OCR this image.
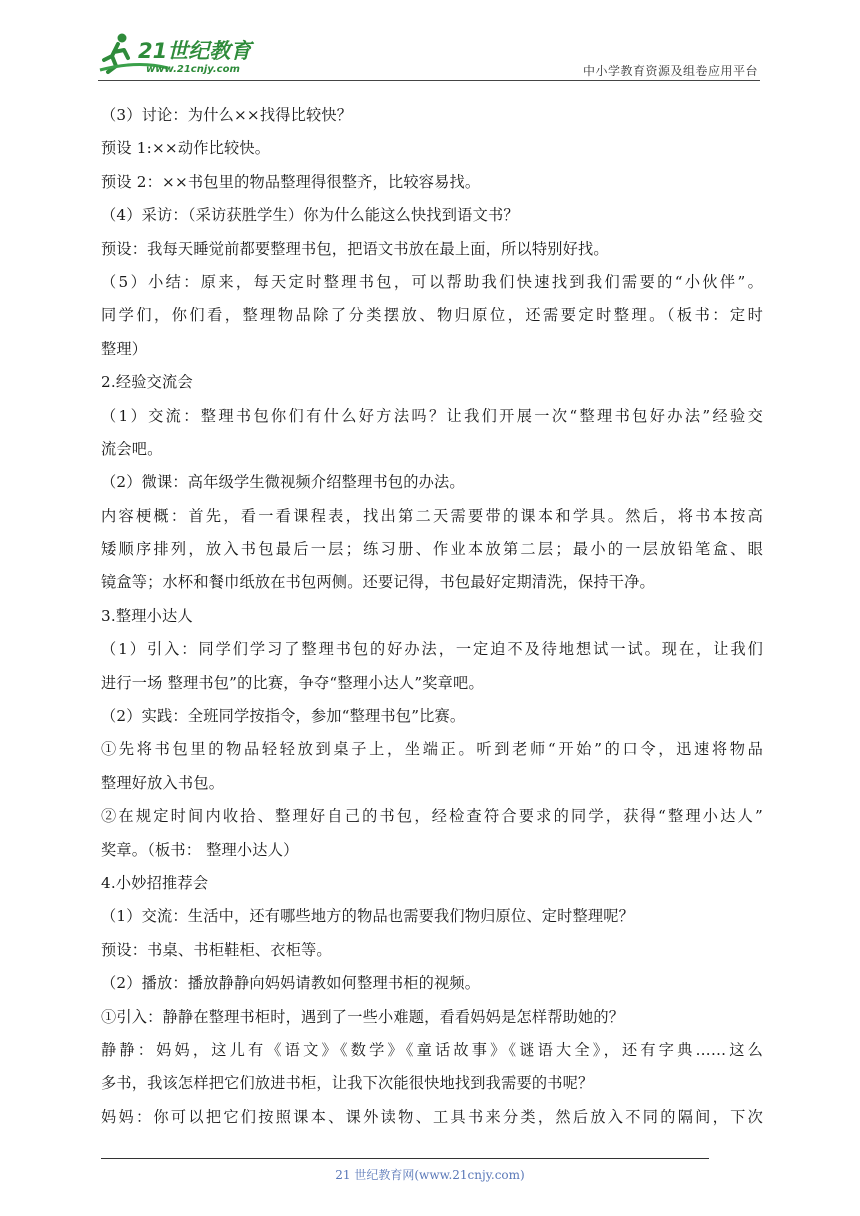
21世纪教育
www.21cnjy.com	中小学教育资源及组卷应用平台
（3）讨论：为什么××找得比较快？
预设 1:××动作比较快。
预设 2：××书包里的物品整理得很整齐，比较容易找。
（4）采访：（采访获胜学生）你为什么能这么快找到语文书？
预设：我每天睡觉前都要整理书包，把语文书放在最上面，所以特别好找。
（5）小结：原来，每天定时整理书包，可以帮助我们快速找到我们需要的“小伙伴”。
同学们，你们看，整理物品除了分类摆放、物归原位，还需要定时整理。（板书：定时
整理）
2.经验交流会
（1）交流：整理书包你们有什么好方法吗？让我们开展一次“整理书包好办法”经验交
流会吧。
（2）微课：高年级学生微视频介绍整理书包的办法。
内容梗概：首先，看一看课程表，找出第二天需要带的课本和学具。然后，将书本按高
矮顺序排列，放入书包最后一层；练习册、作业本放第二层；最小的一层放铅笔盒、眼
镜盒等；水杯和餐巾纸放在书包两侧。还要记得，书包最好定期清洗，保持干净。
3.整理小达人
（1）引入：同学们学习了整理书包的好办法，一定迫不及待地想试一试。现在，让我们
进行一场 整理书包”的比赛，争夺“整理小达人”奖章吧。
（2）实践：全班同学按指令，参加“整理书包”比赛。
①先将书包里的物品轻轻放到桌子上，坐端正。听到老师“开始”的口令，迅速将物品
整理好放入书包。
②在规定时间内收拾、整理好自己的书包，经检查符合要求的同学，获得“整理小达人”
奖章。（板书： 整理小达人）
4.小妙招推荐会
（1）交流：生活中，还有哪些地方的物品也需要我们物归原位、定时整理呢？
预设：书桌、书柜鞋柜、衣柜等。
（2）播放：播放静静向妈妈请教如何整理书柜的视频。
①引入：静静在整理书柜时，遇到了一些小难题，看看妈妈是怎样帮助她的？
静静：妈妈，这儿有《语文》《数学》《童话故事》《谜语大全》，还有字典……这么
多书，我该怎样把它们放进书柜，让我下次能很快地找到我需要的书呢？
妈妈：你可以把它们按照课本、课外读物、工具书来分类，然后放入不同的隔间，下次
21 世纪教育网(www.21cnjy.com)
